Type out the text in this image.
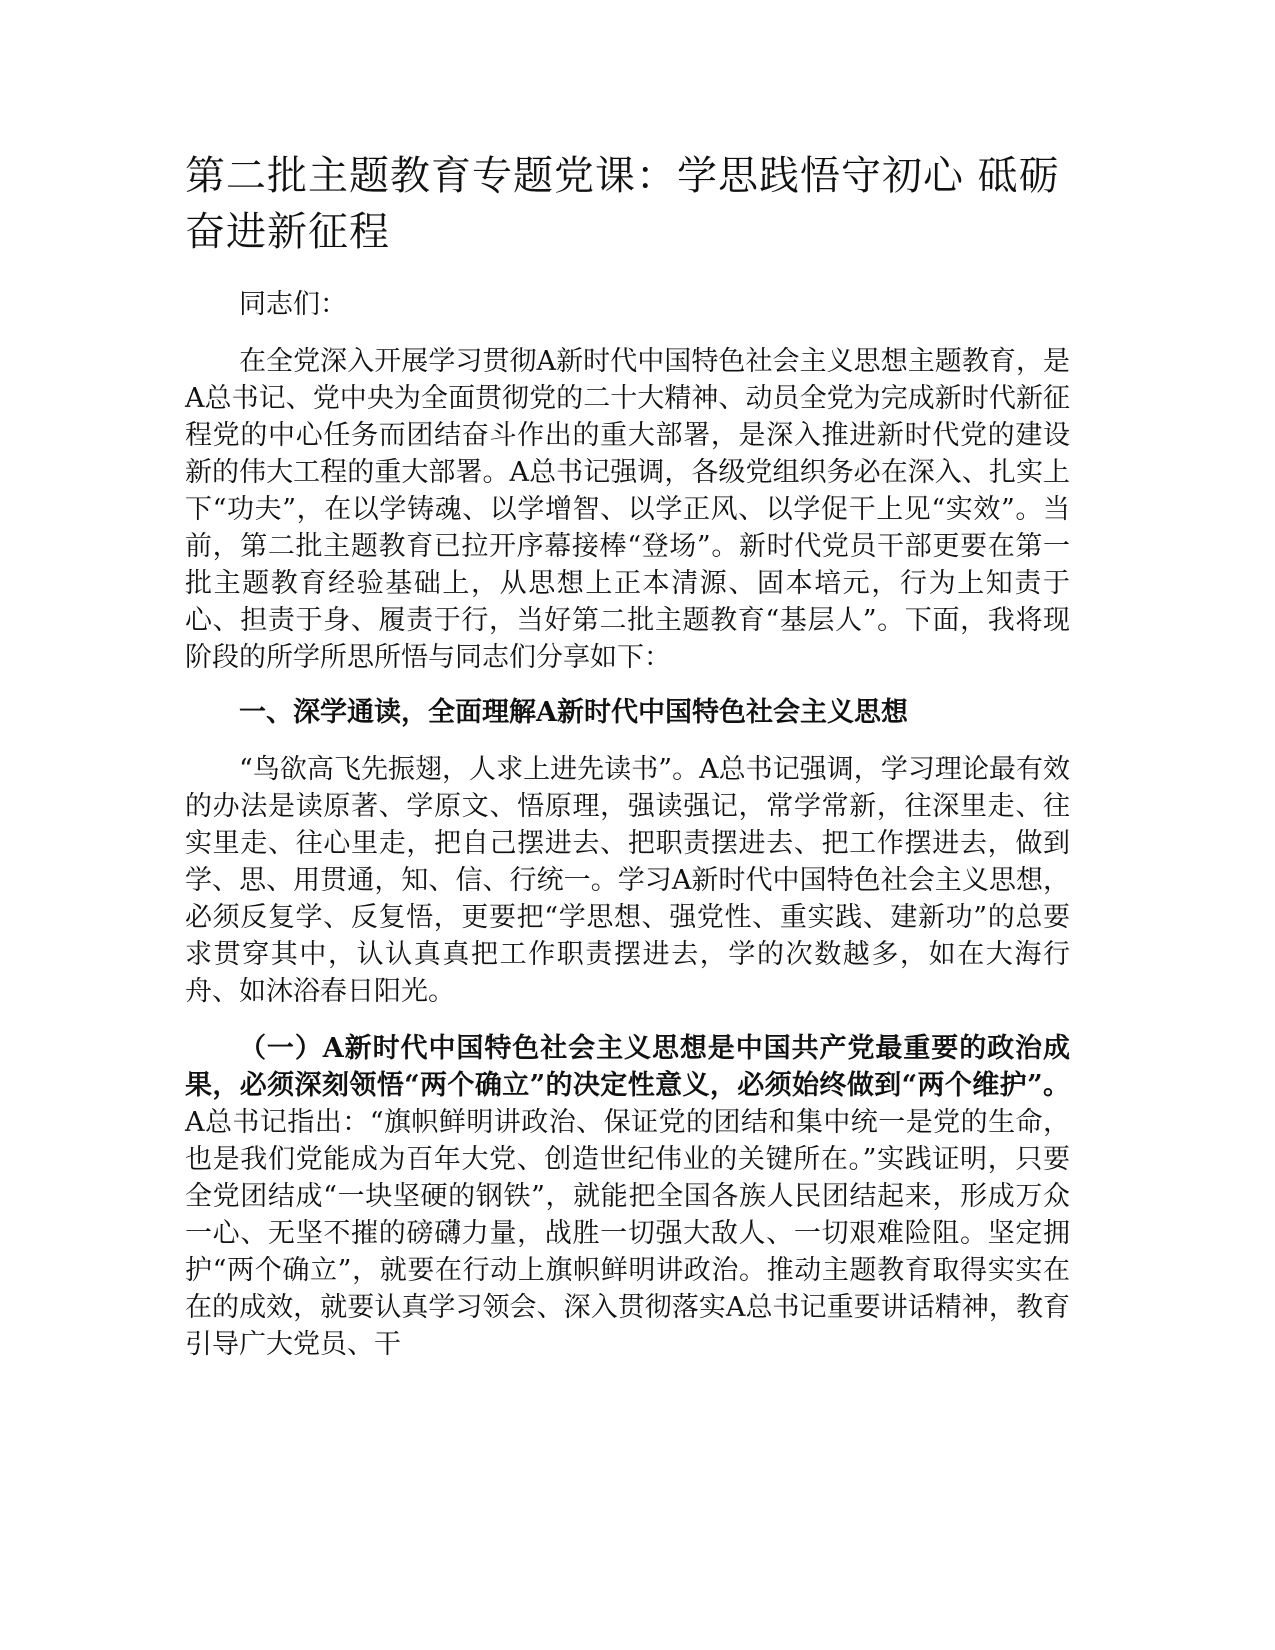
第二批主题教育专题党课：学思践悟守初心 砥砺奋进新征程

同志们：

在全党深入开展学习贯彻A新时代中国特色社会主义思想主题教育，是A总书记、党中央为全面贯彻党的二十大精神、动员全党为完成新时代新征程党的中心任务而团结奋斗作出的重大部署，是深入推进新时代党的建设新的伟大工程的重大部署。A总书记强调，各级党组织务必在深入、扎实上下“功夫”，在以学铸魂、以学增智、以学正风、以学促干上见“实效”。当前，第二批主题教育已拉开序幕接棒“登场”。新时代党员干部更要在第一批主题教育经验基础上，从思想上正本清源、固本培元，行为上知责于心、担责于身、履责于行，当好第二批主题教育“基层人”。下面，我将现阶段的所学所思所悟与同志们分享如下：

一、深学通读，全面理解A新时代中国特色社会主义思想

“鸟欲高飞先振翅，人求上进先读书”。A总书记强调，学习理论最有效的办法是读原著、学原文、悟原理，强读强记，常学常新，往深里走、往实里走、往心里走，把自己摆进去、把职责摆进去、把工作摆进去，做到学、思、用贯通，知、信、行统一。学习A新时代中国特色社会主义思想，必须反复学、反复悟，更要把“学思想、强党性、重实践、建新功”的总要求贯穿其中，认认真真把工作职责摆进去，学的次数越多，如在大海行舟、如沐浴春日阳光。

（一）A新时代中国特色社会主义思想是中国共产党最重要的政治成果，必须深刻领悟“两个确立”的决定性意义，必须始终做到“两个维护”。A总书记指出：“旗帜鲜明讲政治、保证党的团结和集中统一是党的生命，也是我们党能成为百年大党、创造世纪伟业的关键所在。”实践证明，只要全党团结成“一块坚硬的钢铁”，就能把全国各族人民团结起来，形成万众一心、无坚不摧的磅礴力量，战胜一切强大敌人、一切艰难险阻。坚定拥护“两个确立”，就要在行动上旗帜鲜明讲政治。推动主题教育取得实实在在的成效，就要认真学习领会、深入贯彻落实A总书记重要讲话精神，教育引导广大党员、干
